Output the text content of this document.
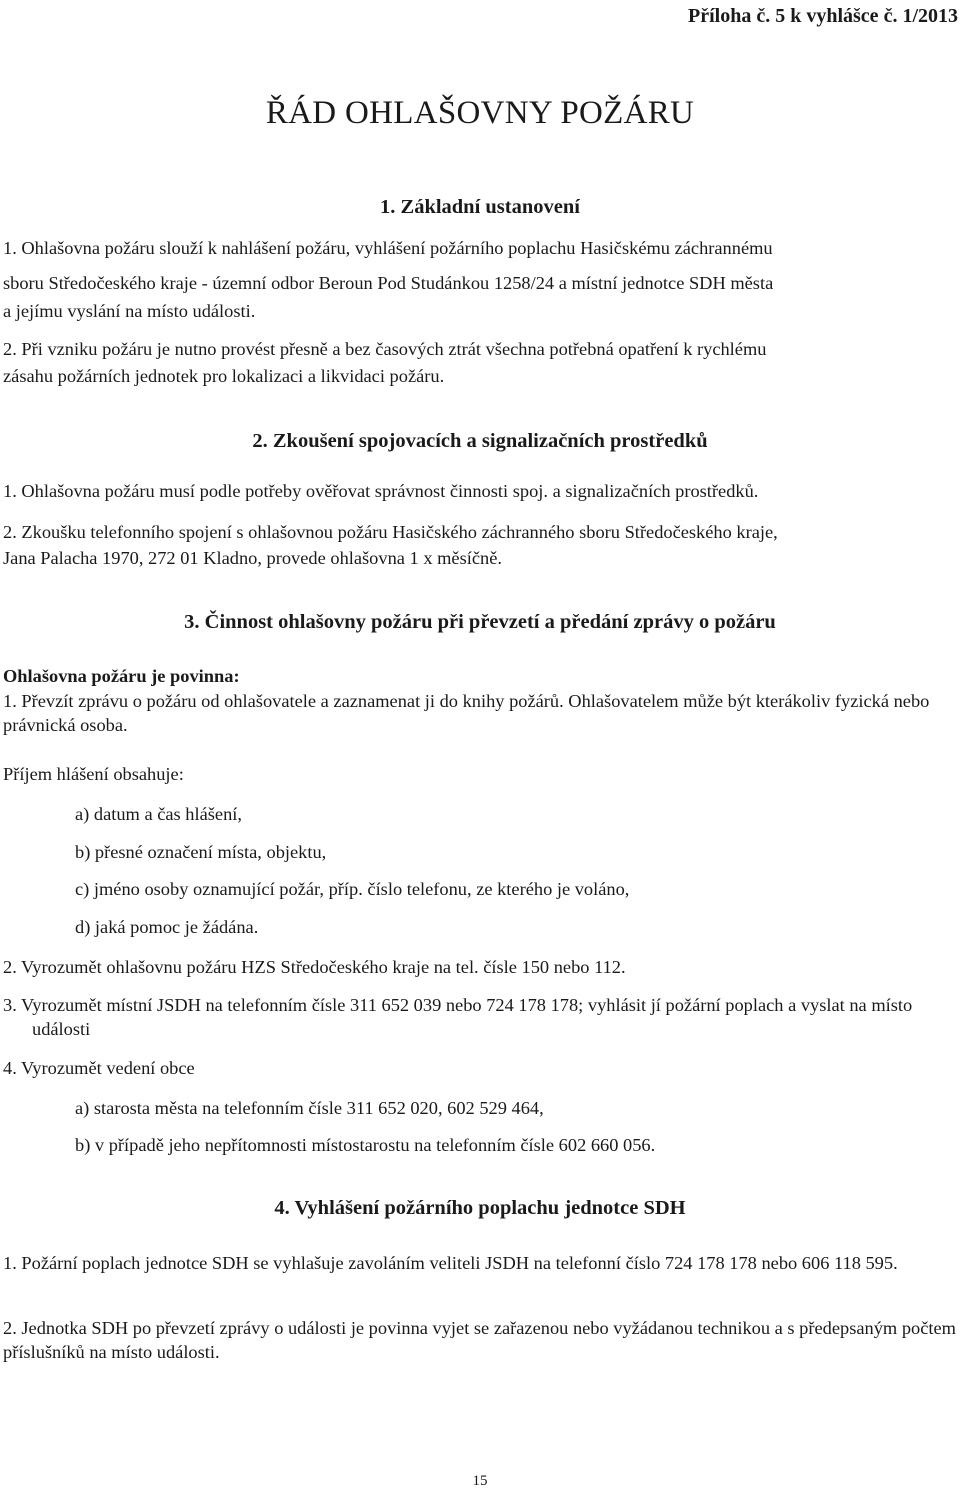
Příloha č. 5 k vyhlášce č. 1/2013
ŘÁD OHLAŠOVNY POŽÁRU
1. Základní ustanovení
1. Ohlašovna požáru slouží k nahlášení požáru, vyhlášení požárního poplachu Hasičskému záchrannému
sboru Středočeského kraje - územní odbor Beroun Pod Studánkou 1258/24 a místní jednotce SDH města
a jejímu vyslání na místo události.
2. Při vzniku požáru je nutno provést přesně a bez časových ztrát všechna potřebná opatření k rychlému
zásahu požárních jednotek pro lokalizaci a likvidaci požáru.
2. Zkoušení spojovacích a signalizačních prostředků
1. Ohlašovna požáru musí podle potřeby ověřovat správnost činnosti spoj. a signalizačních prostředků.
2. Zkoušku telefonního spojení s ohlašovnou požáru Hasičského záchranného sboru Středočeského kraje,
Jana Palacha 1970, 272 01 Kladno, provede ohlašovna 1 x měsíčně.
3. Činnost ohlašovny požáru při převzetí a předání zprávy o požáru
Ohlašovna požáru je povinna:
1. Převzít zprávu o požáru od ohlašovatele a zaznamenat ji do knihy požárů. Ohlašovatelem může být kterákoliv fyzická nebo právnická osoba.
Příjem hlášení obsahuje:
a) datum a čas hlášení,
b) přesné označení místa, objektu,
c) jméno osoby oznamující požár, příp. číslo telefonu, ze kterého je voláno,
d) jaká pomoc je žádána.
2. Vyrozumět ohlašovnu požáru HZS Středočeského kraje na tel. čísle 150 nebo 112.
3. Vyrozumět místní JSDH na telefonním čísle 311 652 039 nebo 724 178 178; vyhlásit jí požární poplach a vyslat na místo události
4. Vyrozumět vedení obce
a) starosta města na telefonním čísle 311 652 020, 602 529 464,
b) v případě jeho nepřítomnosti místostarostu na telefonním čísle 602 660 056.
4. Vyhlášení požárního poplachu jednotce SDH
1. Požární poplach jednotce SDH se vyhlašuje zavoláním veliteli JSDH na telefonní číslo 724 178 178 nebo 606 118 595.
2. Jednotka SDH po převzetí zprávy o události je povinna vyjet se zařazenou nebo vyžádanou technikou a s předepsaným počtem příslušníků na místo události.
15
